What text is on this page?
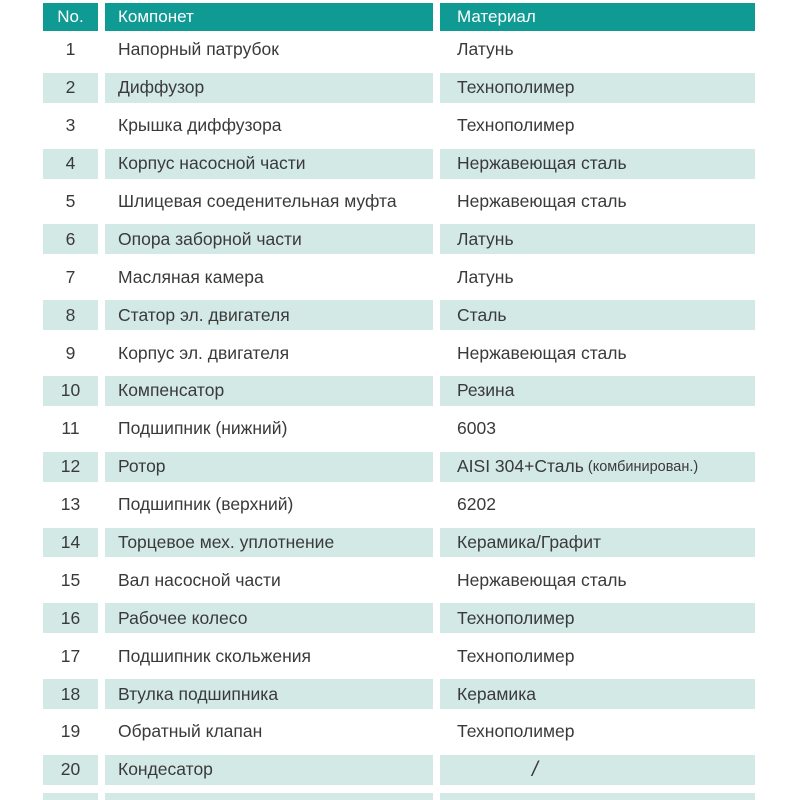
No.	Компонет	Материал
1	Напорный патрубок	Латунь
2	Диффузор	Технополимер
3	Крышка диффузора	Технополимер
4	Корпус насосной части	Нержавеющая сталь
5	Шлицевая соеденительная муфта	Нержавеющая сталь
6	Опора заборной части	Латунь
7	Масляная камера	Латунь
8	Статор эл. двигателя	Сталь
9	Корпус эл. двигателя	Нержавеющая сталь
10	Компенсатор	Резина
11	Подшипник (нижний)	6003
12	Ротор	AISI 304+Сталь (комбинирован.)
13	Подшипник (верхний)	6202
14	Торцевое мех. уплотнение	Керамика/Графит
15	Вал насосной части	Нержавеющая сталь
16	Рабочее колесо	Технополимер
17	Подшипник скольжения	Технополимер
18	Втулка подшипника	Керамика
19	Обратный клапан	Технополимер
20	Кондесатор	/
